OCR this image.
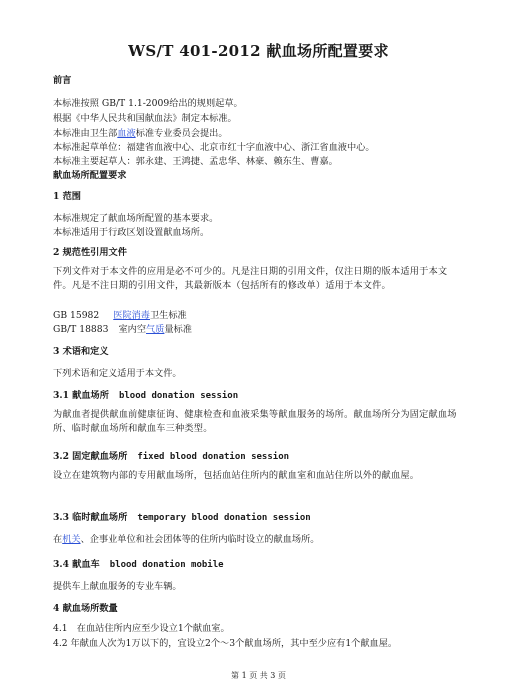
WS/T 401-2012 献血场所配置要求
前言
本标准按照 GB/T 1.1-2009给出的规则起草。
根据《中华人民共和国献血法》制定本标准。
本标准由卫生部血液标准专业委员会提出。
本标准起草单位：福建省血液中心、北京市红十字血液中心、浙江省血液中心。
本标准主要起草人：郭永建、王鸿捷、孟忠华、林豪、赖东生、曹嘉。
献血场所配置要求
1 范围
本标准规定了献血场所配置的基本要求。
本标准适用于行政区划设置献血场所。
2 规范性引用文件
下列文件对于本文件的应用是必不可少的。凡是注日期的引用文件，仅注日期的版本适用于本文件。凡是不注日期的引用文件，其最新版本（包括所有的修改单）适用于本文件。
GB 15982 医院消毒卫生标准
GB/T 18883 室内空气质量标准
3 术语和定义
下列术语和定义适用于本文件。
3.1 献血场所 blood donation session
为献血者提供献血前健康征询、健康检查和血液采集等献血服务的场所。献血场所分为固定献血场所、临时献血场所和献血车三种类型。
3.2 固定献血场所 fixed blood donation session
设立在建筑物内部的专用献血场所，包括血站住所内的献血室和血站住所以外的献血屋。
3.3 临时献血场所 temporary blood donation session
在机关、企事业单位和社会团体等的住所内临时设立的献血场所。
3.4 献血车 blood donation mobile
提供车上献血服务的专业车辆。
4 献血场所数量
4.1　在血站住所内应至少设立1个献血室。
4.2 年献血人次为1万以下的，宜设立2个～3个献血场所，其中至少应有1个献血屋。
第 1 页 共 3 页
